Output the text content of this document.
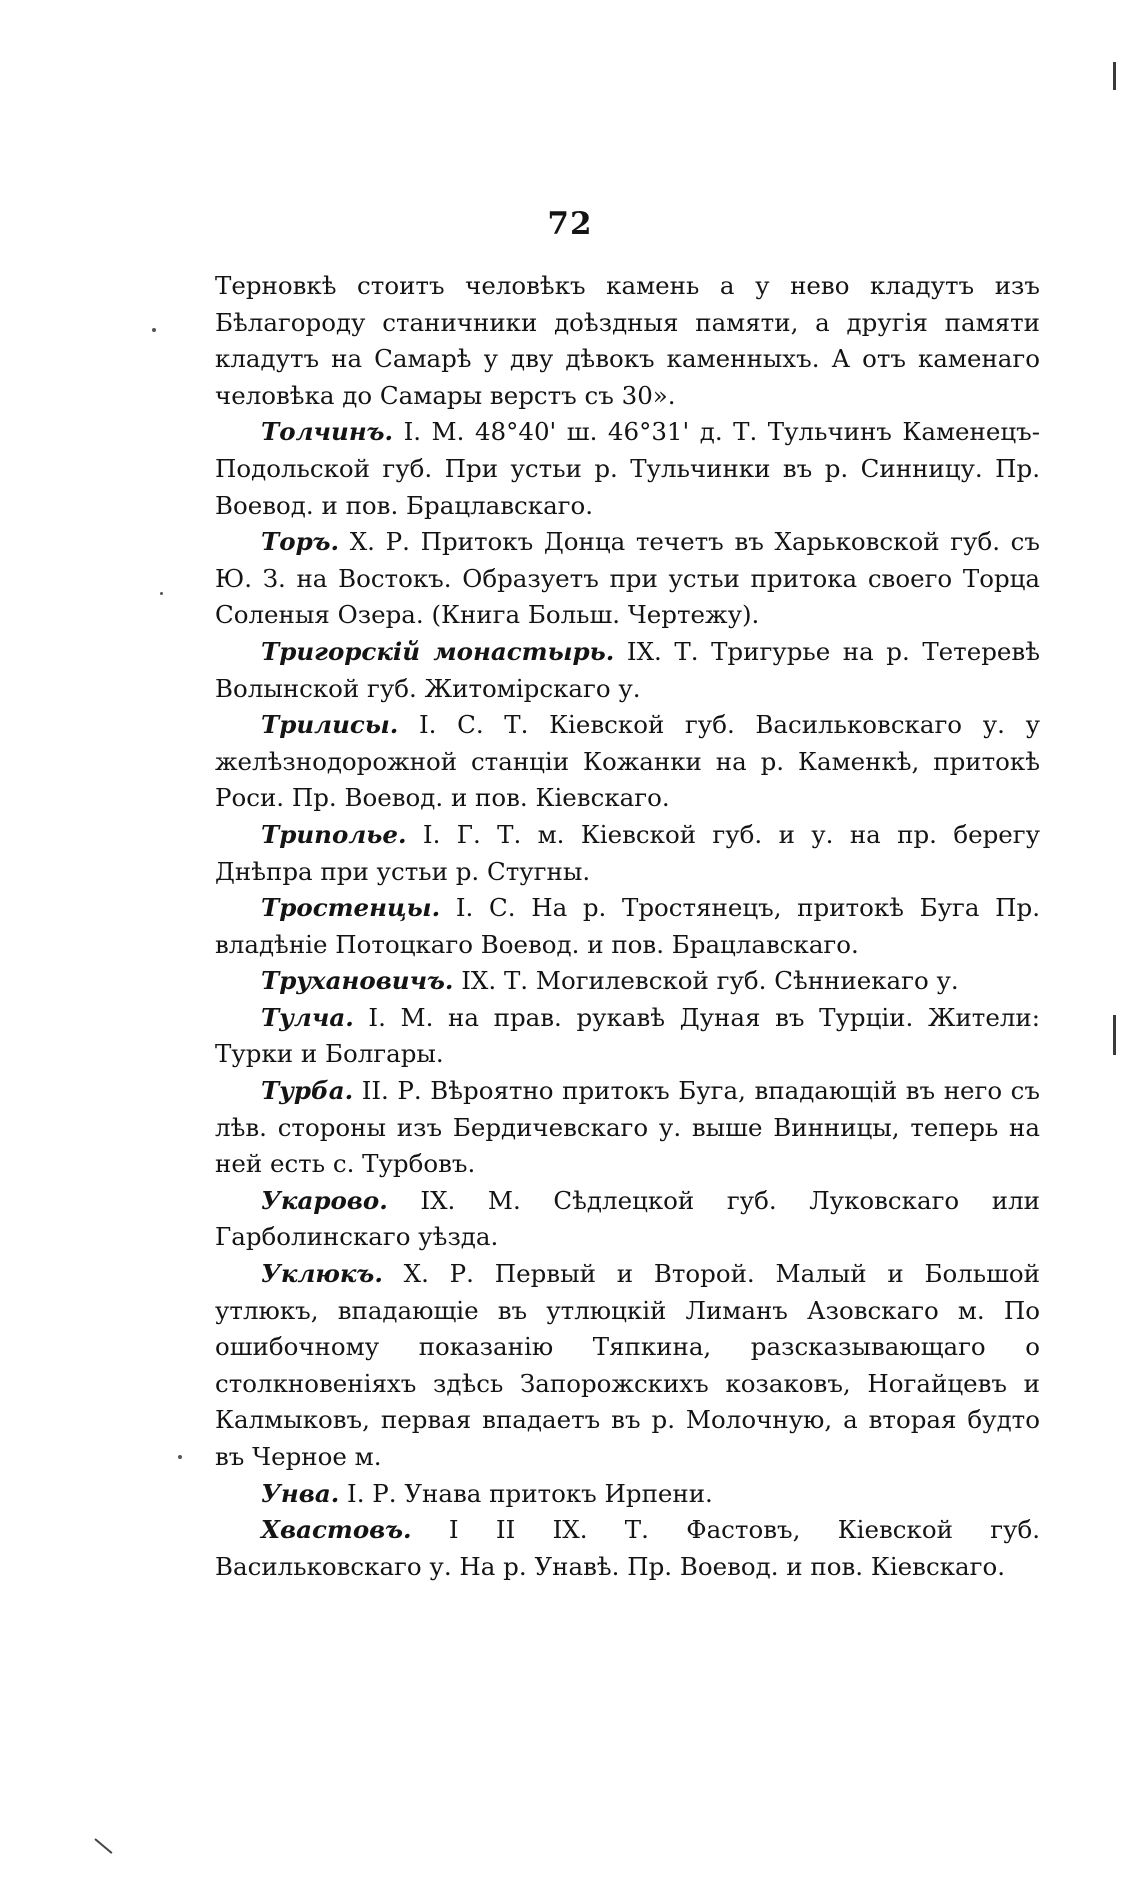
72

Терновкѣ стоитъ человѣкъ камень а у нево кладутъ изъ Бѣлагороду станичники доѣздныя памяти, а другія памяти кладутъ на Самарѣ у дву дѣвокъ каменныхъ. А отъ каменаго человѣка до Самары верстъ съ 30».

Толчинъ. I. М. 48°40' ш. 46°31' д. Т. Тульчинъ Каменецъ-Подольской губ. При устьи р. Тульчинки въ р. Синницу. Пр. Воевод. и пов. Брацлавскаго.

Торъ. X. Р. Притокъ Донца течетъ въ Харьковской губ. съ Ю. З. на Востокъ. Образуетъ при устьи притока своего Торца Соленыя Озера. (Книга Больш. Чертежу).

Тригорскій монастырь. IX. Т. Тригурье на р. Тетеревѣ Волынской губ. Житомірскаго у.

Трилисы. I. С. Т. Кіевской губ. Васильковскаго у. у желѣзнодорожной станціи Кожанки на р. Каменкѣ, притокѣ Роси. Пр. Воевод. и пов. Кіевскаго.

Триполье. I. Г. Т. м. Кіевской губ. и у. на пр. берегу Днѣпра при устьи р. Стугны.

Тростенцы. I. С. На р. Тростянецъ, притокѣ Буга Пр. владѣніе Потоцкаго Воевод. и пов. Брацлавскаго.

Трухановичъ. IX. Т. Могилевской губ. Сѣнниекаго у.

Тулча. I. М. на прав. рукавѣ Дуная въ Турціи. Жители: Турки и Болгары.

Турба. II. Р. Вѣроятно притокъ Буга, впадающій въ него съ лѣв. стороны изъ Бердичевскаго у. выше Винницы, теперь на ней есть с. Турбовъ.

Укарово. IX. М. Сѣдлецкой губ. Луковскаго или Гарболинскаго уѣзда.

Уклюкъ. X. Р. Первый и Второй. Малый и Большой утлюкъ, впадающіе въ утлюцкій Лиманъ Азовскаго м. По ошибочному показанію Тяпкина, разсказывающаго о столкновеніяхъ здѣсь Запорожскихъ козаковъ, Ногайцевъ и Калмыковъ, первая впадаетъ въ р. Молочную, а вторая будто въ Черное м.

Унва. I. Р. Унава притокъ Ирпени.

Хвастовъ. I II IX. Т. Фастовъ, Кіевской губ. Васильковскаго у. На р. Унавѣ. Пр. Воевод. и пов. Кіевскаго.
